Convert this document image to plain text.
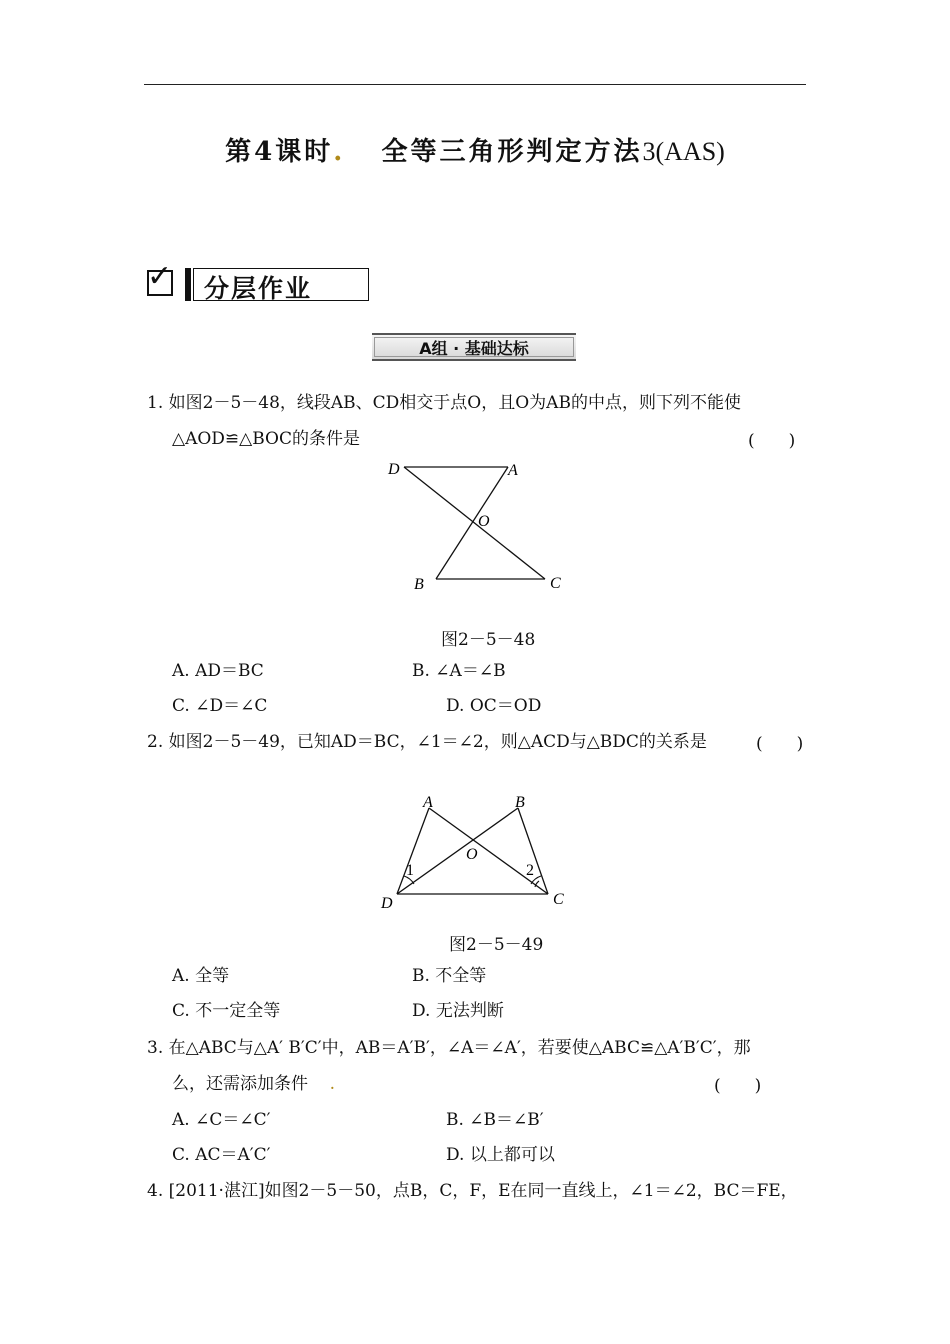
第4课时. 全等三角形判定方法3(AAS)
✓ 分层作业
A组 · 基础达标
1. 如图2－5－48，线段AB、CD相交于点O，且O为AB的中点，则下列不能使
△AOD≌△BOC的条件是	(　　)
D	A
O
B	C
图2－5－48
A. AD＝BC	B. ∠A＝∠B
C. ∠D＝∠C	D. OC＝OD
2. 如图2－5－49，已知AD＝BC，∠1＝∠2，则△ACD与△BDC的关系是	(　　)
A	B
O
D	C
1	2
图2－5－49
A. 全等	B. 不全等
C. 不一定全等	D. 无法判断
3. 在△ABC与△A′ B′C′中，AB＝A′B′，∠A＝∠A′，若要使△ABC≌△A′B′C′，那
么，还需添加条件    .	(　　)
A. ∠C＝∠C′	B. ∠B＝∠B′
C. AC＝A′C′	D. 以上都可以
4. [2011·湛江]如图2－5－50，点B，C，F，E在同一直线上，∠1＝∠2，BC＝FE，
